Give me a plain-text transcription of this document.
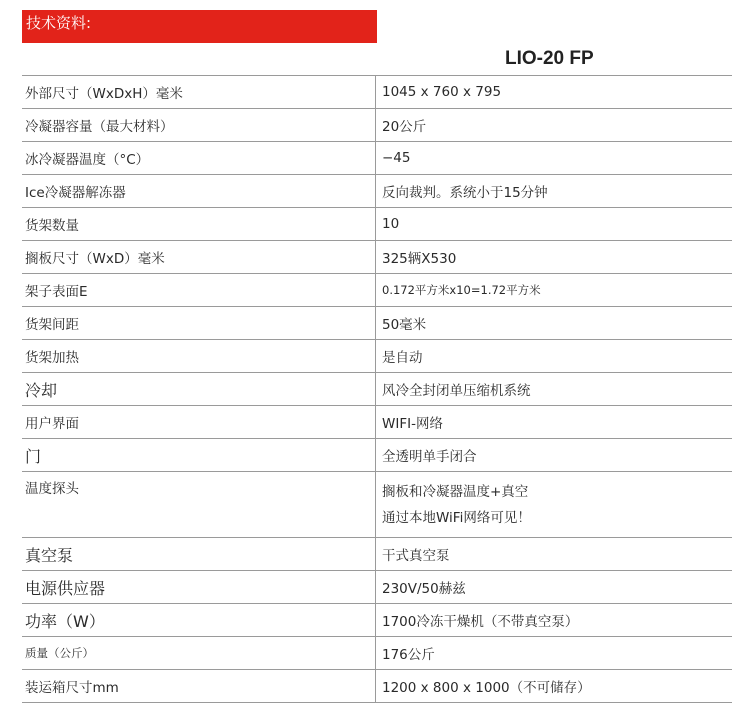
技术资料:
LIO-20 FP
外部尺寸（WxDxH）毫米	1045 x 760 x 795
冷凝器容量（最大材料）	20公斤
冰冷凝器温度（°C）	−45
Ice冷凝器解冻器	反向裁判。系统小于15分钟
货架数量	10
搁板尺寸（WxD）毫米	325辆X530
架子表面E	0.172平方米x10=1.72平方米
货架间距	50毫米
货架加热	是自动
冷却	风冷全封闭单压缩机系统
用户界面	WIFI-网络
门	全透明单手闭合
温度探头	搁板和冷凝器温度+真空
通过本地WiFi网络可见！

真空泵	干式真空泵
电源供应器	230V/50赫兹
功率（W）	1700冷冻干燥机（不带真空泵）
质量（公斤）	176公斤
装运箱尺寸mm	1200 x 800 x 1000（不可储存）
